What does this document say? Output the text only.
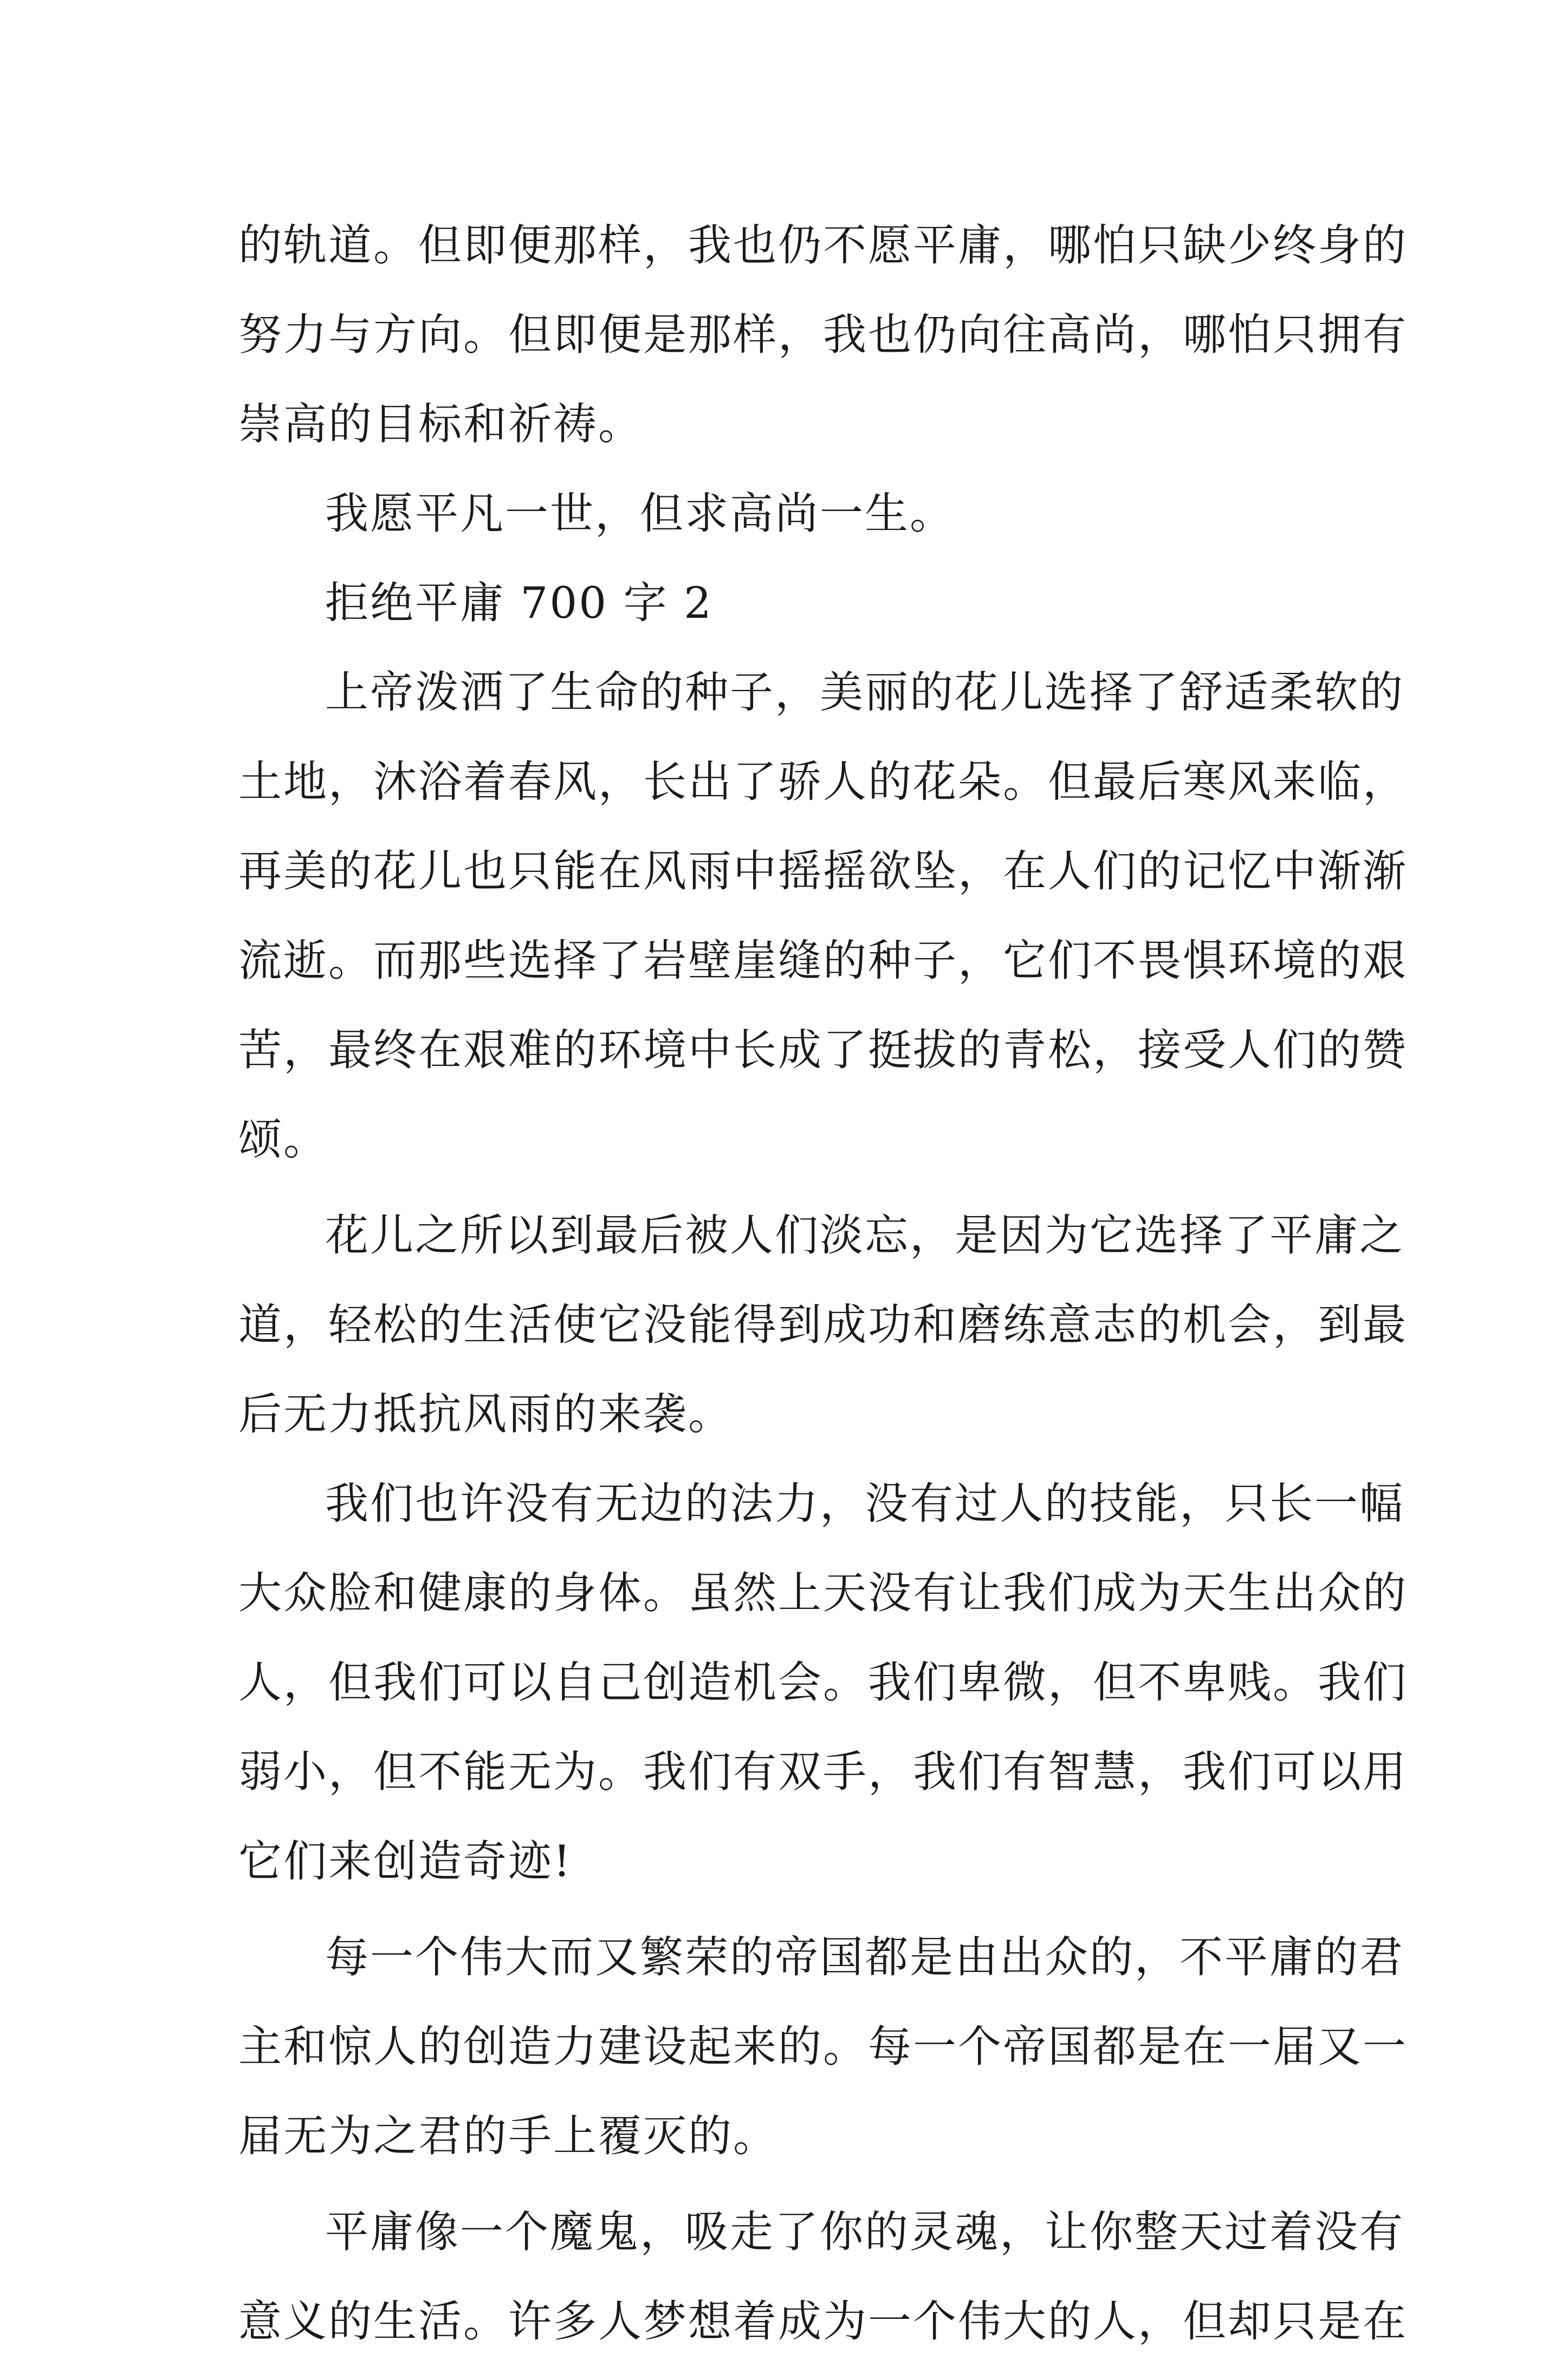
的轨道。但即便那样，我也仍不愿平庸，哪怕只缺少终身的
努力与方向。但即便是那样，我也仍向往高尚，哪怕只拥有
崇高的目标和祈祷。
我愿平凡一世，但求高尚一生。
拒绝平庸 700 字 2
上帝泼洒了生命的种子，美丽的花儿选择了舒适柔软的
土地，沐浴着春风，长出了骄人的花朵。但最后寒风来临，
再美的花儿也只能在风雨中摇摇欲坠，在人们的记忆中渐渐
流逝。而那些选择了岩壁崖缝的种子，它们不畏惧环境的艰
苦，最终在艰难的环境中长成了挺拔的青松，接受人们的赞
颂。
花儿之所以到最后被人们淡忘，是因为它选择了平庸之
道，轻松的生活使它没能得到成功和磨练意志的机会，到最
后无力抵抗风雨的来袭。
我们也许没有无边的法力，没有过人的技能，只长一幅
大众脸和健康的身体。虽然上天没有让我们成为天生出众的
人，但我们可以自己创造机会。我们卑微，但不卑贱。我们
弱小，但不能无为。我们有双手，我们有智慧，我们可以用
它们来创造奇迹!
每一个伟大而又繁荣的帝国都是由出众的，不平庸的君
主和惊人的创造力建设起来的。每一个帝国都是在一届又一
届无为之君的手上覆灭的。
平庸像一个魔鬼，吸走了你的灵魂，让你整天过着没有
意义的生活。许多人梦想着成为一个伟大的人，但却只是在
